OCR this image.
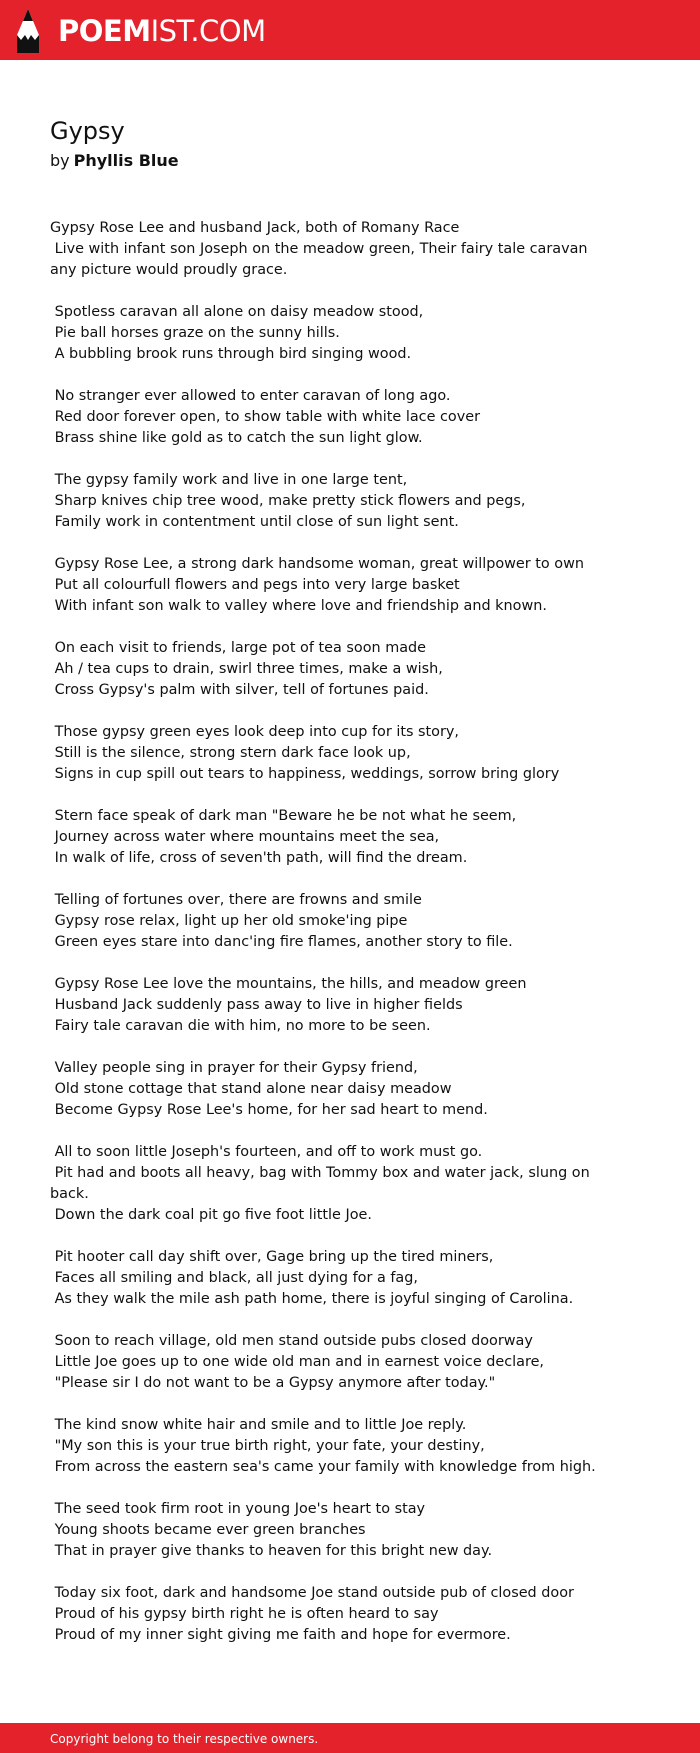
POEMIST.COM
Gypsy
by Phyllis Blue
Gypsy Rose Lee and husband Jack, both of Romany Race
Live with infant son Joseph on the meadow green, Their fairy tale caravan
any picture would proudly grace.
Spotless caravan all alone on daisy meadow stood,
Pie ball horses graze on the sunny hills.
A bubbling brook runs through bird singing wood.
No stranger ever allowed to enter caravan of long ago.
Red door forever open, to show table with white lace cover
Brass shine like gold as to catch the sun light glow.
The gypsy family work and live in one large tent,
Sharp knives chip tree wood, make pretty stick flowers and pegs,
Family work in contentment until close of sun light sent.
Gypsy Rose Lee, a strong dark handsome woman, great willpower to own
Put all colourfull flowers and pegs into very large basket
With infant son walk to valley where love and friendship and known.
On each visit to friends, large pot of tea soon made
Ah / tea cups to drain, swirl three times, make a wish,
Cross Gypsy's palm with silver, tell of fortunes paid.
Those gypsy green eyes look deep into cup for its story,
Still is the silence, strong stern dark face look up,
Signs in cup spill out tears to happiness, weddings, sorrow bring glory
Stern face speak of dark man "Beware he be not what he seem,
Journey across water where mountains meet the sea,
In walk of life, cross of seven'th path, will find the dream.
Telling of fortunes over, there are frowns and smile
Gypsy rose relax, light up her old smoke'ing pipe
Green eyes stare into danc'ing fire flames, another story to file.
Gypsy Rose Lee love the mountains, the hills, and meadow green
Husband Jack suddenly pass away to live in higher fields
Fairy tale caravan die with him, no more to be seen.
Valley people sing in prayer for their Gypsy friend,
Old stone cottage that stand alone near daisy meadow
Become Gypsy Rose Lee's home, for her sad heart to mend.
All to soon little Joseph's fourteen, and off to work must go.
Pit had and boots all heavy, bag with Tommy box and water jack, slung on
back.
Down the dark coal pit go five foot little Joe.
Pit hooter call day shift over, Gage bring up the tired miners,
Faces all smiling and black, all just dying for a fag,
As they walk the mile ash path home, there is joyful singing of Carolina.
Soon to reach village, old men stand outside pubs closed doorway
Little Joe goes up to one wide old man and in earnest voice declare,
"Please sir I do not want to be a Gypsy anymore after today."
The kind snow white hair and smile and to little Joe reply.
"My son this is your true birth right, your fate, your destiny,
From across the eastern sea's came your family with knowledge from high.
The seed took firm root in young Joe's heart to stay
Young shoots became ever green branches
That in prayer give thanks to heaven for this bright new day.
Today six foot, dark and handsome Joe stand outside pub of closed door
Proud of his gypsy birth right he is often heard to say
Proud of my inner sight giving me faith and hope for evermore.
Copyright belong to their respective owners.
